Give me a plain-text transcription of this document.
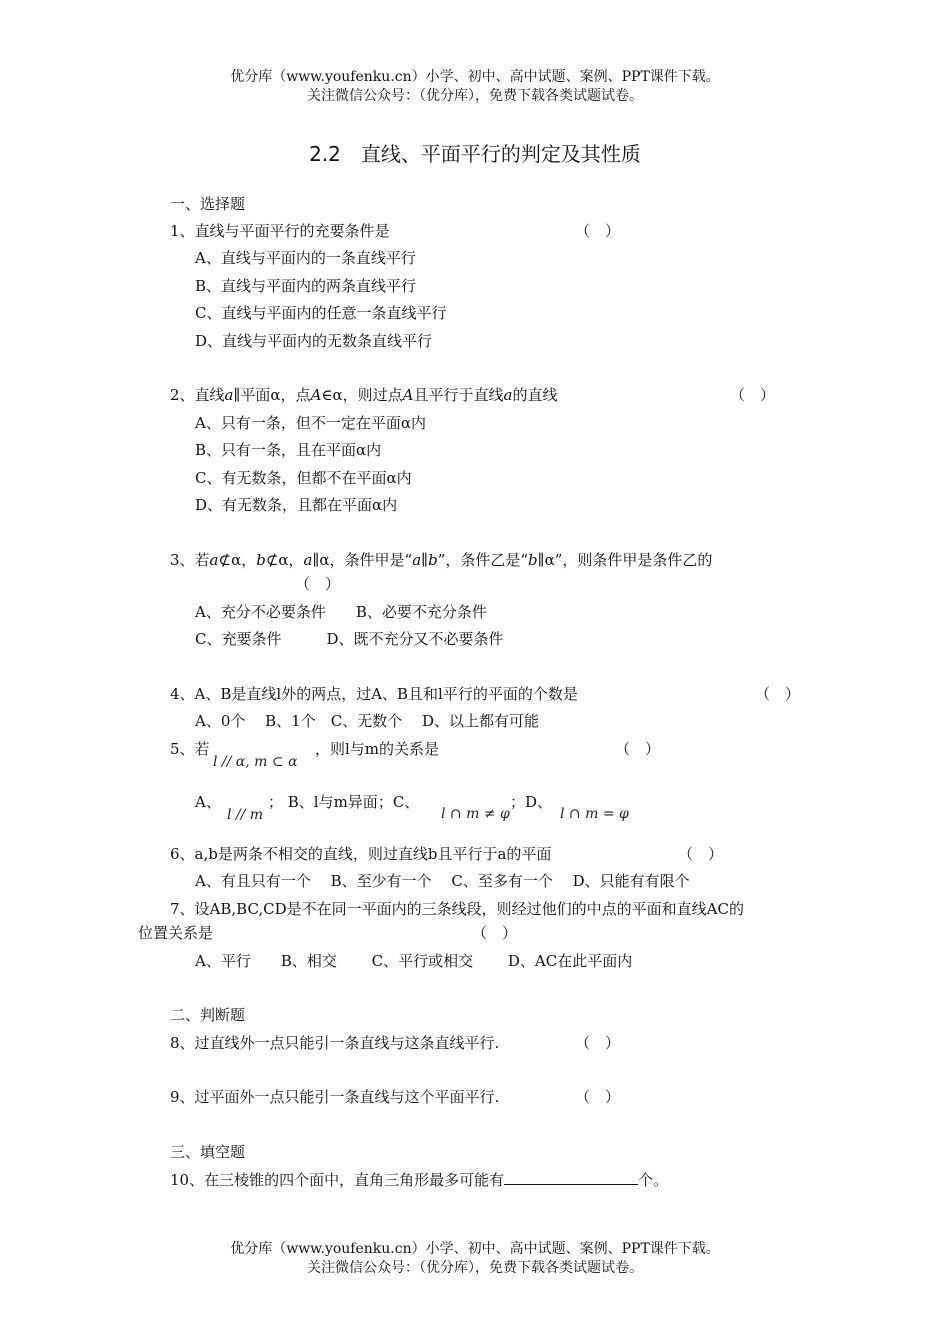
优分库（www.youfenku.cn）小学、初中、高中试题、案例、PPT课件下载。
关注微信公众号：（优分库），免费下载各类试题试卷。
2.2　直线、平面平行的判定及其性质
一、选择题
1、直线与平面平行的充要条件是	（　）
A、直线与平面内的一条直线平行
B、直线与平面内的两条直线平行
C、直线与平面内的任意一条直线平行
D、直线与平面内的无数条直线平行
2、直线a∥平面α，点A∈α，则过点A且平行于直线a的直线	（　）
A、只有一条，但不一定在平面α内
B、只有一条，且在平面α内
C、有无数条，但都不在平面α内
D、有无数条，且都在平面α内
3、若a⊄α，b⊄α，a∥α，条件甲是“a∥b”，条件乙是“b∥α”，则条件甲是条件乙的
（　）
A、充分不必要条件　　B、必要不充分条件
C、充要条件　　　D、既不充分又不必要条件
4、A、B是直线l外的两点，过A、B且和l平行的平面的个数是	（　）
A、0个　 B、1个　C、无数个　 D、以上都有可能
5、若
l // α, m ⊂ α
，则l与m的关系是	（　）
A、
l // m
； B、l与m异面；C、
l ∩ m ≠ φ
；D、
l ∩ m = φ
6、a,b是两条不相交的直线，则过直线b且平行于a的平面	（　）
A、有且只有一个　 B、至少有一个　 C、至多有一个　 D、只能有有限个
7、设AB,BC,CD是不在同一平面内的三条线段，则经过他们的中点的平面和直线AC的
位置关系是	（　）
A、平行　　B、相交　　 C、平行或相交　　 D、AC在此平面内
二、判断题
8、过直线外一点只能引一条直线与这条直线平行.	（　）
9、过平面外一点只能引一条直线与这个平面平行.	（　）
三、填空题
10、在三棱锥的四个面中，直角三角形最多可能有	个。
优分库（www.youfenku.cn）小学、初中、高中试题、案例、PPT课件下载。
关注微信公众号：（优分库），免费下载各类试题试卷。
